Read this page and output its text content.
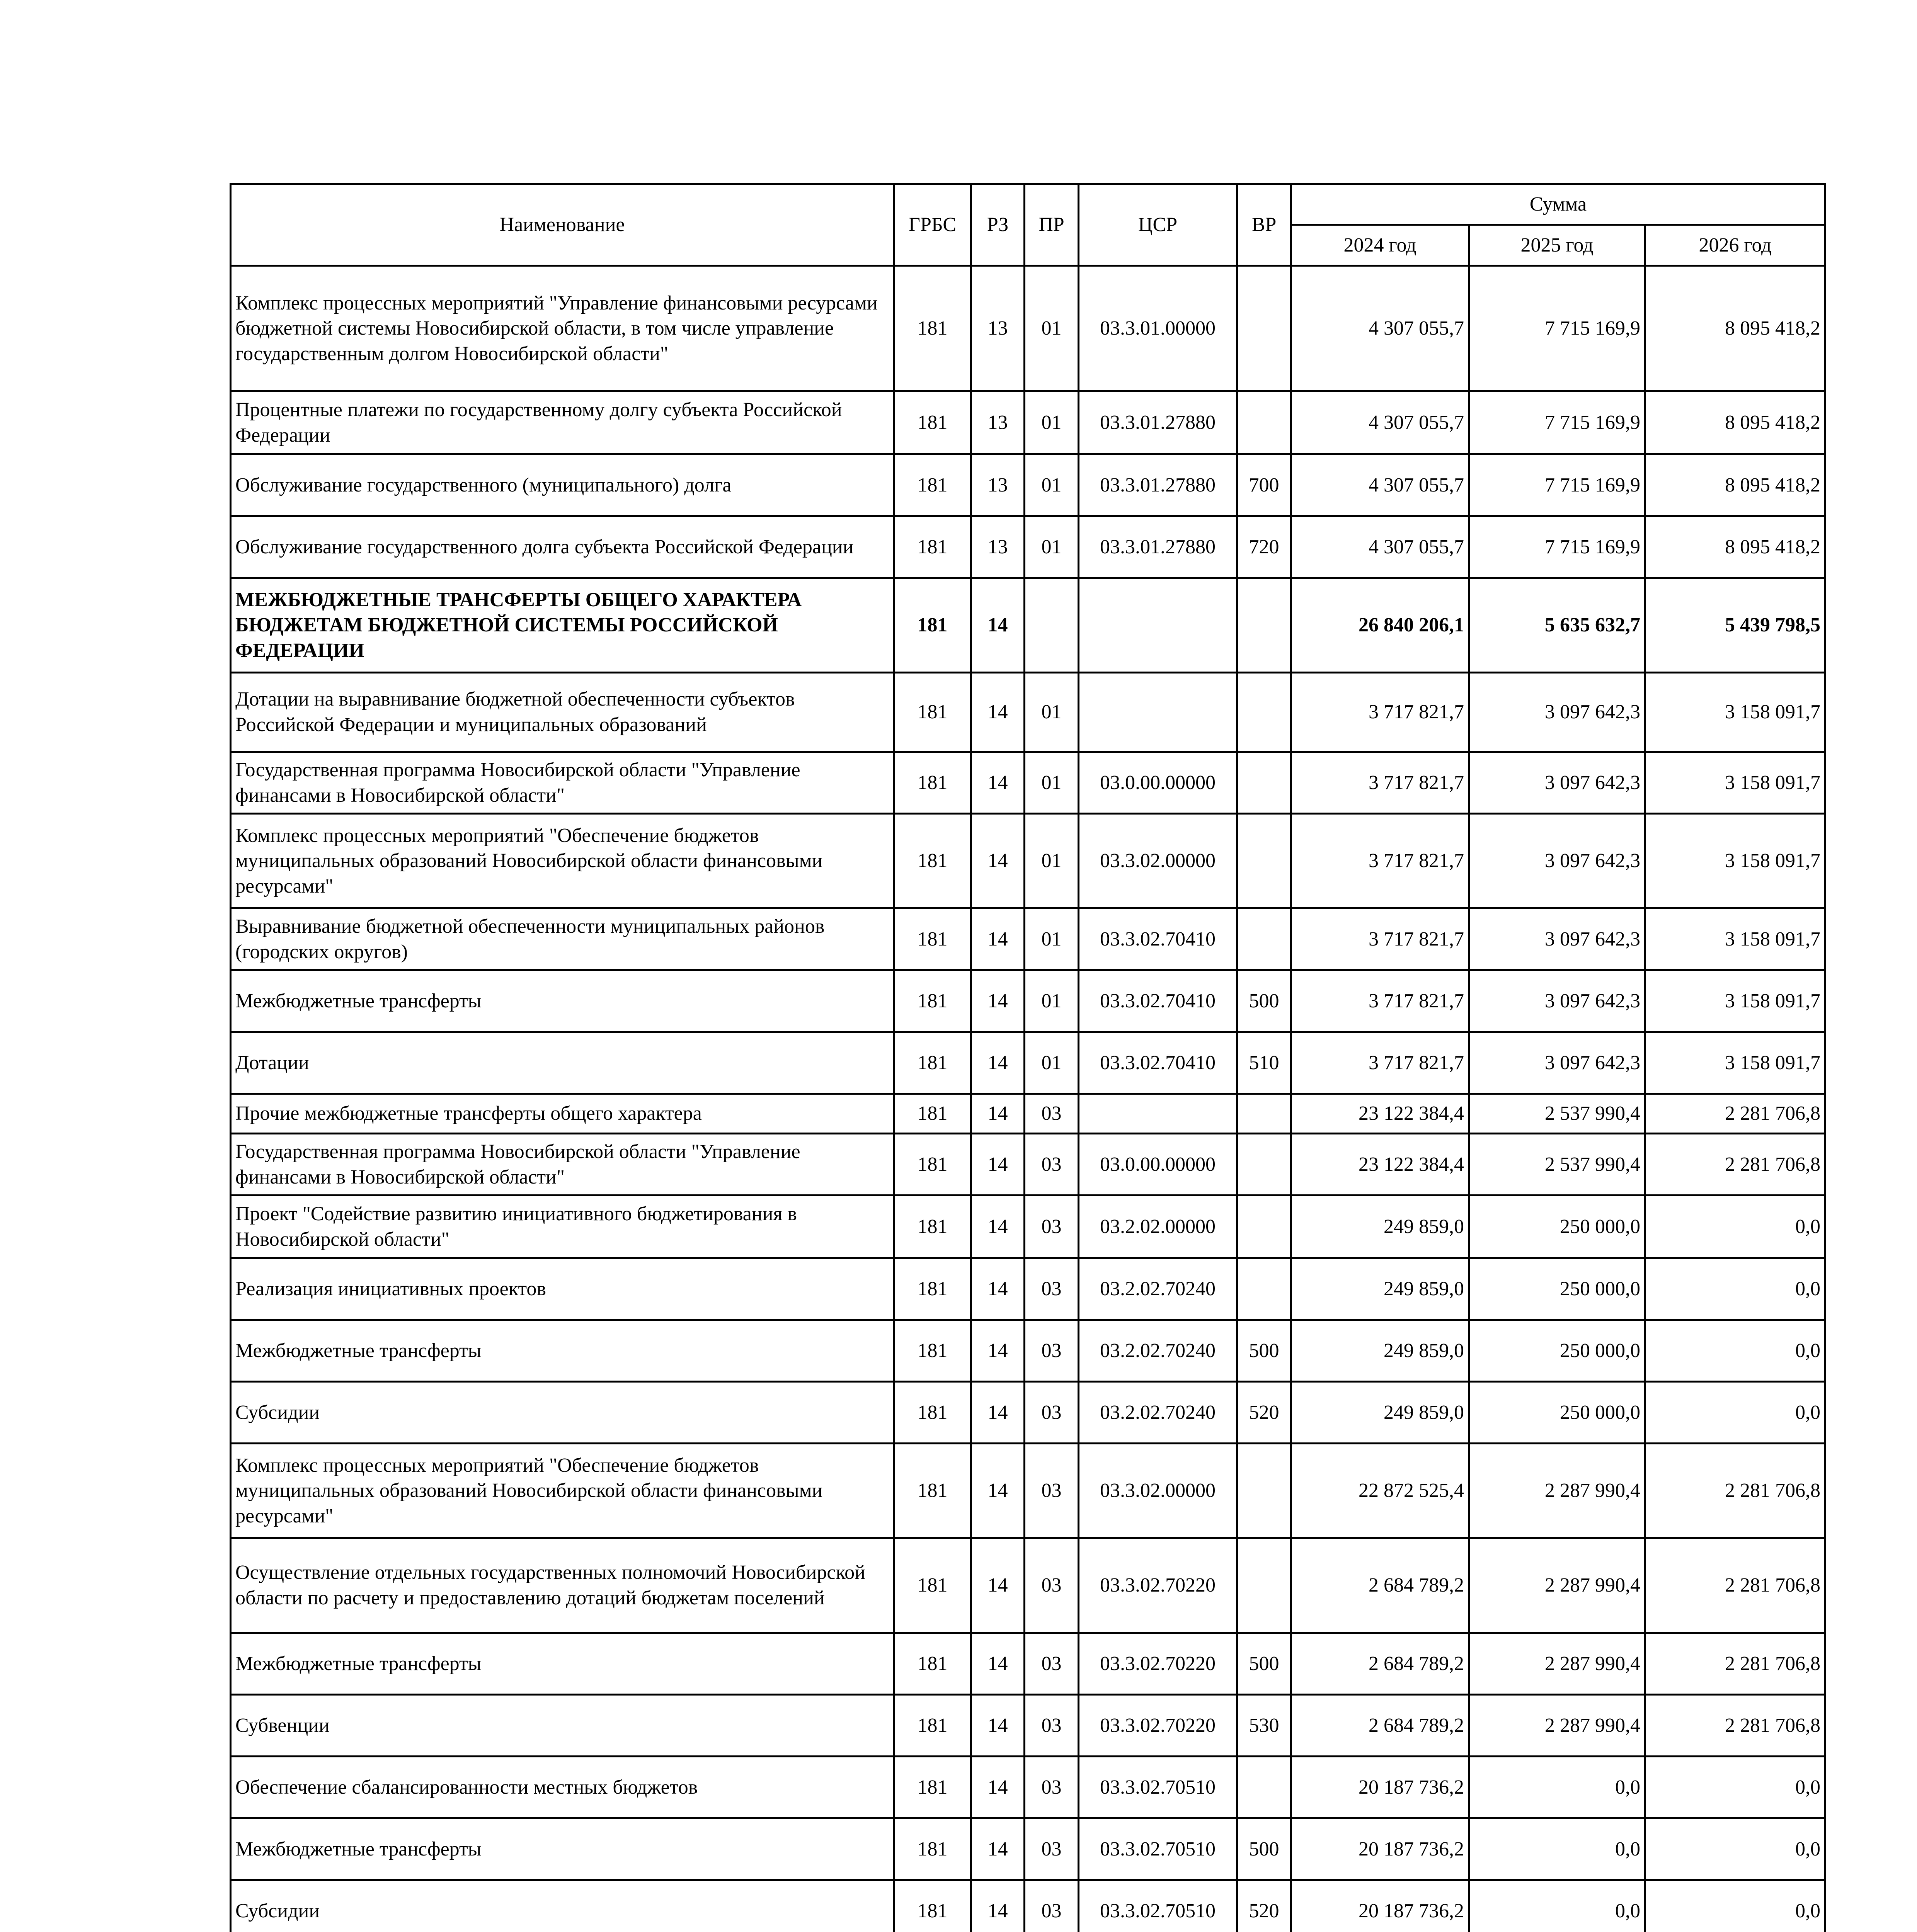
Наименование	ГРБС	РЗ	ПР	ЦСР	ВР	Сумма		
						2024 год	2025 год	2026 год
Комплекс процессных мероприятий "Управление финансовыми ресурсами бюджетной системы Новосибирской области, в том числе управление государственным долгом Новосибирской области"	181	13	01	03.3.01.00000		4 307 055,7	7 715 169,9	8 095 418,2
Процентные платежи по государственному долгу субъекта Российской Федерации	181	13	01	03.3.01.27880		4 307 055,7	7 715 169,9	8 095 418,2
Обслуживание государственного (муниципального) долга	181	13	01	03.3.01.27880	700	4 307 055,7	7 715 169,9	8 095 418,2
Обслуживание государственного долга субъекта Российской Федерации	181	13	01	03.3.01.27880	720	4 307 055,7	7 715 169,9	8 095 418,2
МЕЖБЮДЖЕТНЫЕ ТРАНСФЕРТЫ ОБЩЕГО ХАРАКТЕРА БЮДЖЕТАМ БЮДЖЕТНОЙ СИСТЕМЫ РОССИЙСКОЙ ФЕДЕРАЦИИ	181	14				26 840 206,1	5 635 632,7	5 439 798,5
Дотации на выравнивание бюджетной обеспеченности субъектов Российской Федерации и муниципальных образований	181	14	01			3 717 821,7	3 097 642,3	3 158 091,7
Государственная программа Новосибирской области "Управление финансами в Новосибирской области"	181	14	01	03.0.00.00000		3 717 821,7	3 097 642,3	3 158 091,7
Комплекс процессных мероприятий "Обеспечение бюджетов муниципальных образований Новосибирской области финансовыми ресурсами"	181	14	01	03.3.02.00000		3 717 821,7	3 097 642,3	3 158 091,7
Выравнивание бюджетной обеспеченности муниципальных районов (городских округов)	181	14	01	03.3.02.70410		3 717 821,7	3 097 642,3	3 158 091,7
Межбюджетные трансферты	181	14	01	03.3.02.70410	500	3 717 821,7	3 097 642,3	3 158 091,7
Дотации	181	14	01	03.3.02.70410	510	3 717 821,7	3 097 642,3	3 158 091,7
Прочие межбюджетные трансферты общего характера	181	14	03			23 122 384,4	2 537 990,4	2 281 706,8
Государственная программа Новосибирской области "Управление финансами в Новосибирской области"	181	14	03	03.0.00.00000		23 122 384,4	2 537 990,4	2 281 706,8
Проект "Содействие развитию инициативного бюджетирования в Новосибирской области"	181	14	03	03.2.02.00000		249 859,0	250 000,0	0,0
Реализация инициативных проектов	181	14	03	03.2.02.70240		249 859,0	250 000,0	0,0
Межбюджетные трансферты	181	14	03	03.2.02.70240	500	249 859,0	250 000,0	0,0
Субсидии	181	14	03	03.2.02.70240	520	249 859,0	250 000,0	0,0
Комплекс процессных мероприятий "Обеспечение бюджетов муниципальных образований Новосибирской области финансовыми ресурсами"	181	14	03	03.3.02.00000		22 872 525,4	2 287 990,4	2 281 706,8
Осуществление отдельных государственных полномочий Новосибирской области по расчету и предоставлению дотаций бюджетам поселений	181	14	03	03.3.02.70220		2 684 789,2	2 287 990,4	2 281 706,8
Межбюджетные трансферты	181	14	03	03.3.02.70220	500	2 684 789,2	2 287 990,4	2 281 706,8
Субвенции	181	14	03	03.3.02.70220	530	2 684 789,2	2 287 990,4	2 281 706,8
Обеспечение сбалансированности местных бюджетов	181	14	03	03.3.02.70510		20 187 736,2	0,0	0,0
Межбюджетные трансферты	181	14	03	03.3.02.70510	500	20 187 736,2	0,0	0,0
Субсидии	181	14	03	03.3.02.70510	520	20 187 736,2	0,0	0,0
